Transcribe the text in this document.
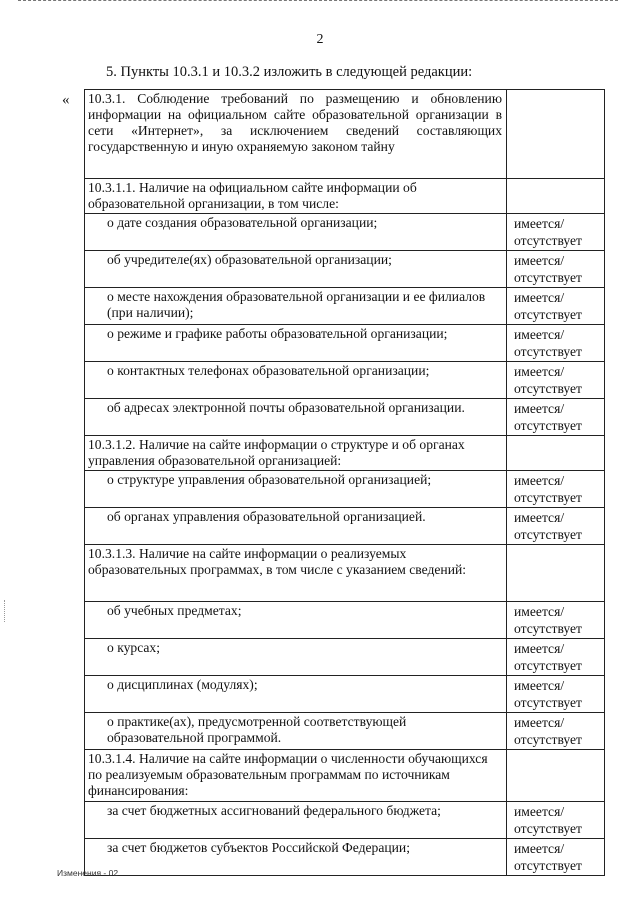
2
5. Пункты 10.3.1 и 10.3.2 изложить в следующей редакции:
« 10.3.1. Соблюдение требований по размещению и обновлению информации на официальном сайте образовательной организации в сети «Интернет», за исключением сведений составляющих государственную и иную охраняемую законом тайну	
10.3.1.1. Наличие на официальном сайте информации об образовательной организации, в том числе:	
о дате создания образовательной организации;	имеется/ отсутствует
об учредителе(ях) образовательной организации;	имеется/ отсутствует
о месте нахождения образовательной организации и ее филиалов (при наличии);	имеется/ отсутствует
о режиме и графике работы образовательной организации;	имеется/ отсутствует
о контактных телефонах образовательной организации;	имеется/ отсутствует
об адресах электронной почты образовательной организации.	имеется/ отсутствует
10.3.1.2. Наличие на сайте информации о структуре и об органах управления образовательной организацией:	
о структуре управления образовательной организацией;	имеется/ отсутствует
об органах управления образовательной организацией.	имеется/ отсутствует
10.3.1.3. Наличие на сайте информации о реализуемых образовательных программах, в том числе с указанием сведений:	
об учебных предметах;	имеется/ отсутствует
о курсах;	имеется/ отсутствует
о дисциплинах (модулях);	имеется/ отсутствует
о практике(ах), предусмотренной соответствующей образовательной программой.	имеется/ отсутствует
10.3.1.4. Наличие на сайте информации о численности обучающихся по реализуемым образовательным программам по источникам финансирования:	
за счет бюджетных ассигнований федерального бюджета;	имеется/ отсутствует
за счет бюджетов субъектов Российской Федерации;	имеется/ отсутствует
Изменения - 02
